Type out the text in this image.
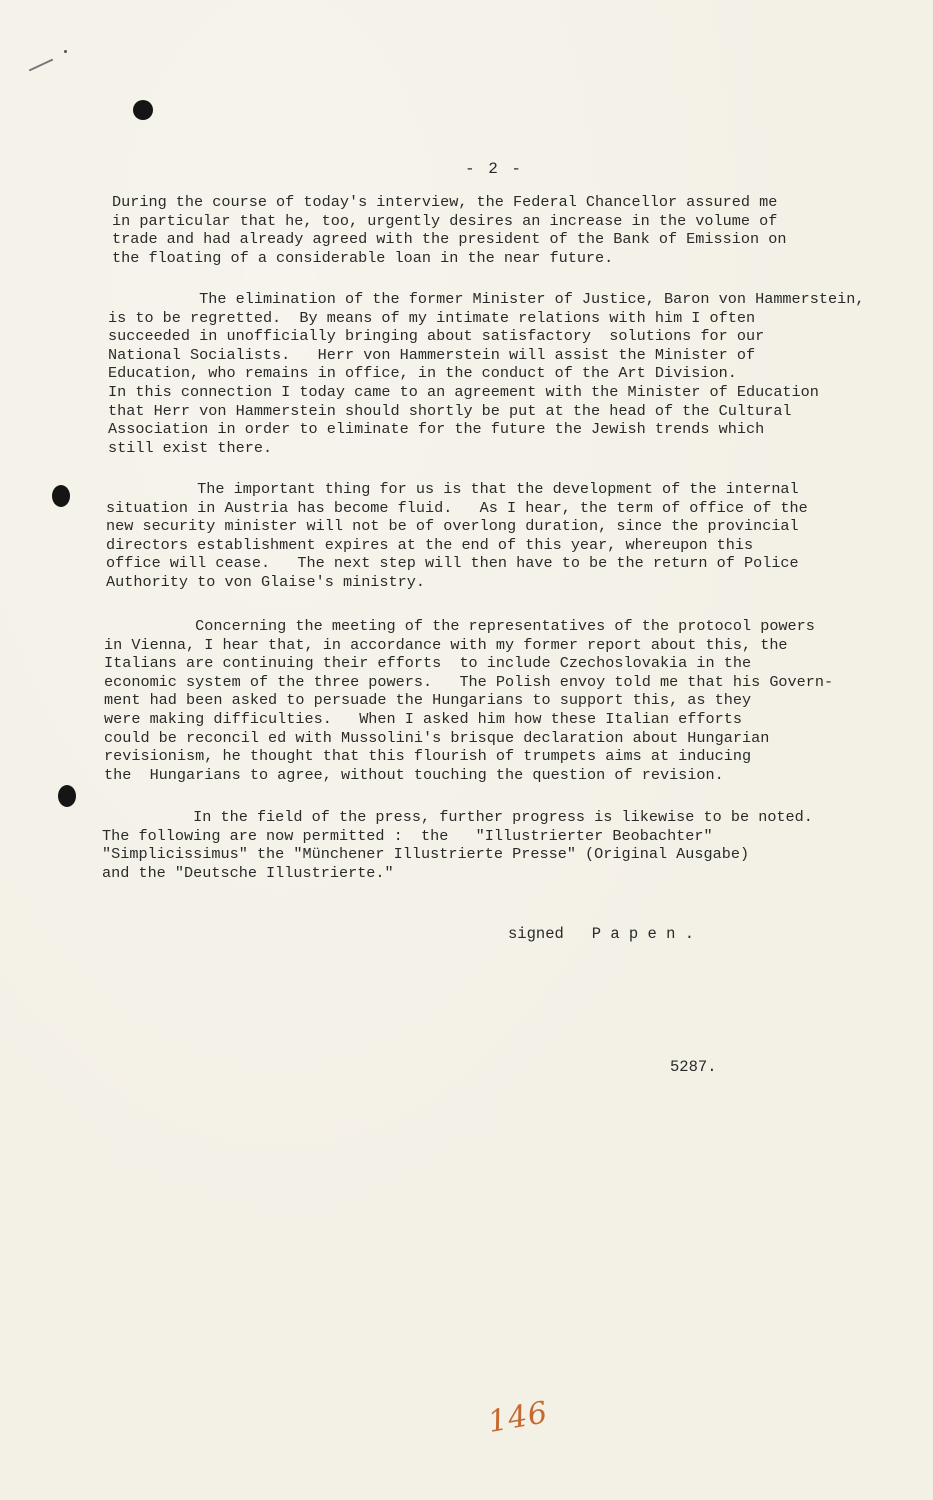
- 2 -

During the course of today's interview, the Federal Chancellor assured me
in particular that he, too, urgently desires an increase in the volume of
trade and had already agreed with the president of the Bank of Emission on
the floating of a considerable loan in the near future.

The elimination of the former Minister of Justice, Baron von Hammerstein,
is to be regretted.  By means of my intimate relations with him I often
succeeded in unofficially bringing about satisfactory  solutions for our
National Socialists.   Herr von Hammerstein will assist the Minister of
Education, who remains in office, in the conduct of the Art Division.
In this connection I today came to an agreement with the Minister of Education
that Herr von Hammerstein should shortly be put at the head of the Cultural
Association in order to eliminate for the future the Jewish trends which
still exist there.

The important thing for us is that the development of the internal
situation in Austria has become fluid.   As I hear, the term of office of the
new security minister will not be of overlong duration, since the provincial
directors establishment expires at the end of this year, whereupon this
office will cease.   The next step will then have to be the return of Police
Authority to von Glaise's ministry.

Concerning the meeting of the representatives of the protocol powers
in Vienna, I hear that, in accordance with my former report about this, the
Italians are continuing their efforts  to include Czechoslovakia in the
economic system of the three powers.   The Polish envoy told me that his Govern-
ment had been asked to persuade the Hungarians to support this, as they
were making difficulties.   When I asked him how these Italian efforts
could be reconcil ed with Mussolini's brisque declaration about Hungarian
revisionism, he thought that this flourish of trumpets aims at inducing
the  Hungarians to agree, without touching the question of revision.

In the field of the press, further progress is likewise to be noted.
The following are now permitted :  the   "Illustrierter Beobachter"
"Simplicissimus" the "Münchener Illustrierte Presse" (Original Ausgabe)
and the "Deutsche Illustrierte."

signed   P a p e n .
5287.
146
